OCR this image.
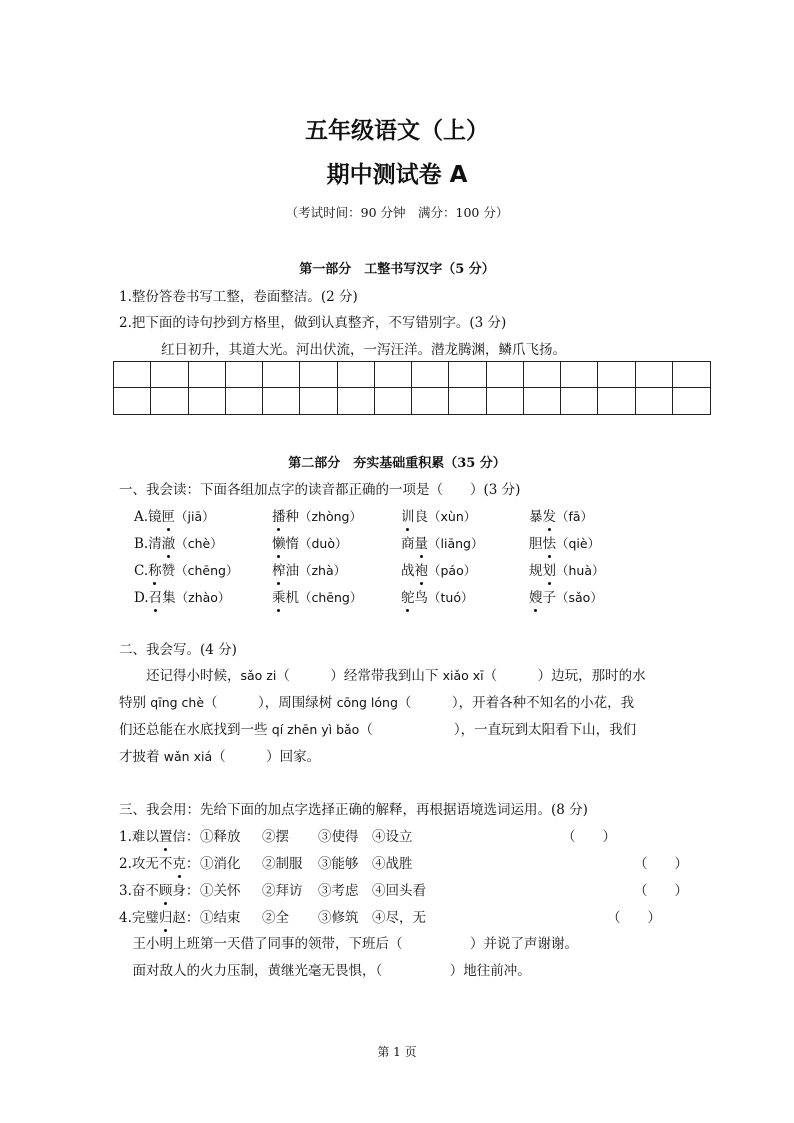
五年级语文（上）
期中测试卷 A
（考试时间：90 分钟　满分：100 分）
第一部分　工整书写汉字（5 分）
1.整份答卷书写工整，卷面整洁。(2 分)
2.把下面的诗句抄到方格里，做到认真整齐，不写错别字。(3 分)
红日初升，其道大光。河出伏流，一泻汪洋。潜龙腾渊，鳞爪飞扬。
第二部分　夯实基础重积累（35 分）
一、我会读：下面各组加点字的读音都正确的一项是（　　）(3 分)
A.镜匣（jiā）	播种（zhòng）	训良（xùn）	暴发（fā）
B.清澈（chè）	懒惰（duò）	商量（liāng）	胆怯（qiè）
C.称赞（chēng） 榨油（zhà）	战袍（páo）	规划（huà）
D.召集（zhào）	乘机（chēng）	鸵鸟（tuó）	嫂子（sǎo）
二、我会写。(4 分)
　　还记得小时候，sǎo zi（　　　）经常带我到山下 xiǎo xī（　　　）边玩，那时的水
特别 qīng chè（　　　），周围绿树 cōng lóng（　　　），开着各种不知名的小花，我
们还总能在水底找到一些 qí zhēn yì bǎo（　　　　　　），一直玩到太阳看下山，我们
才披着 wǎn xiá（　　　）回家。
三、我会用：先给下面的加点字选择正确的解释，再根据语境选词运用。(8 分)
1.难以置信： ①释放 ②摆 ③使得 ④设立	（　　）
2.攻无不克： ①消化 ②制服 ③能够 ④战胜	（　　）
3.奋不顾身： ①关怀 ②拜访 ③考虑 ④回头看	（　　）
4.完璧归赵： ①结束 ②全 ③修筑 ④尽，无	（　　）
　王小明上班第一天借了同事的领带，下班后（　　　　　）并说了声谢谢。
　面对敌人的火力压制，黄继光毫无畏惧，（　　　　　）地往前冲。
第 1 页
